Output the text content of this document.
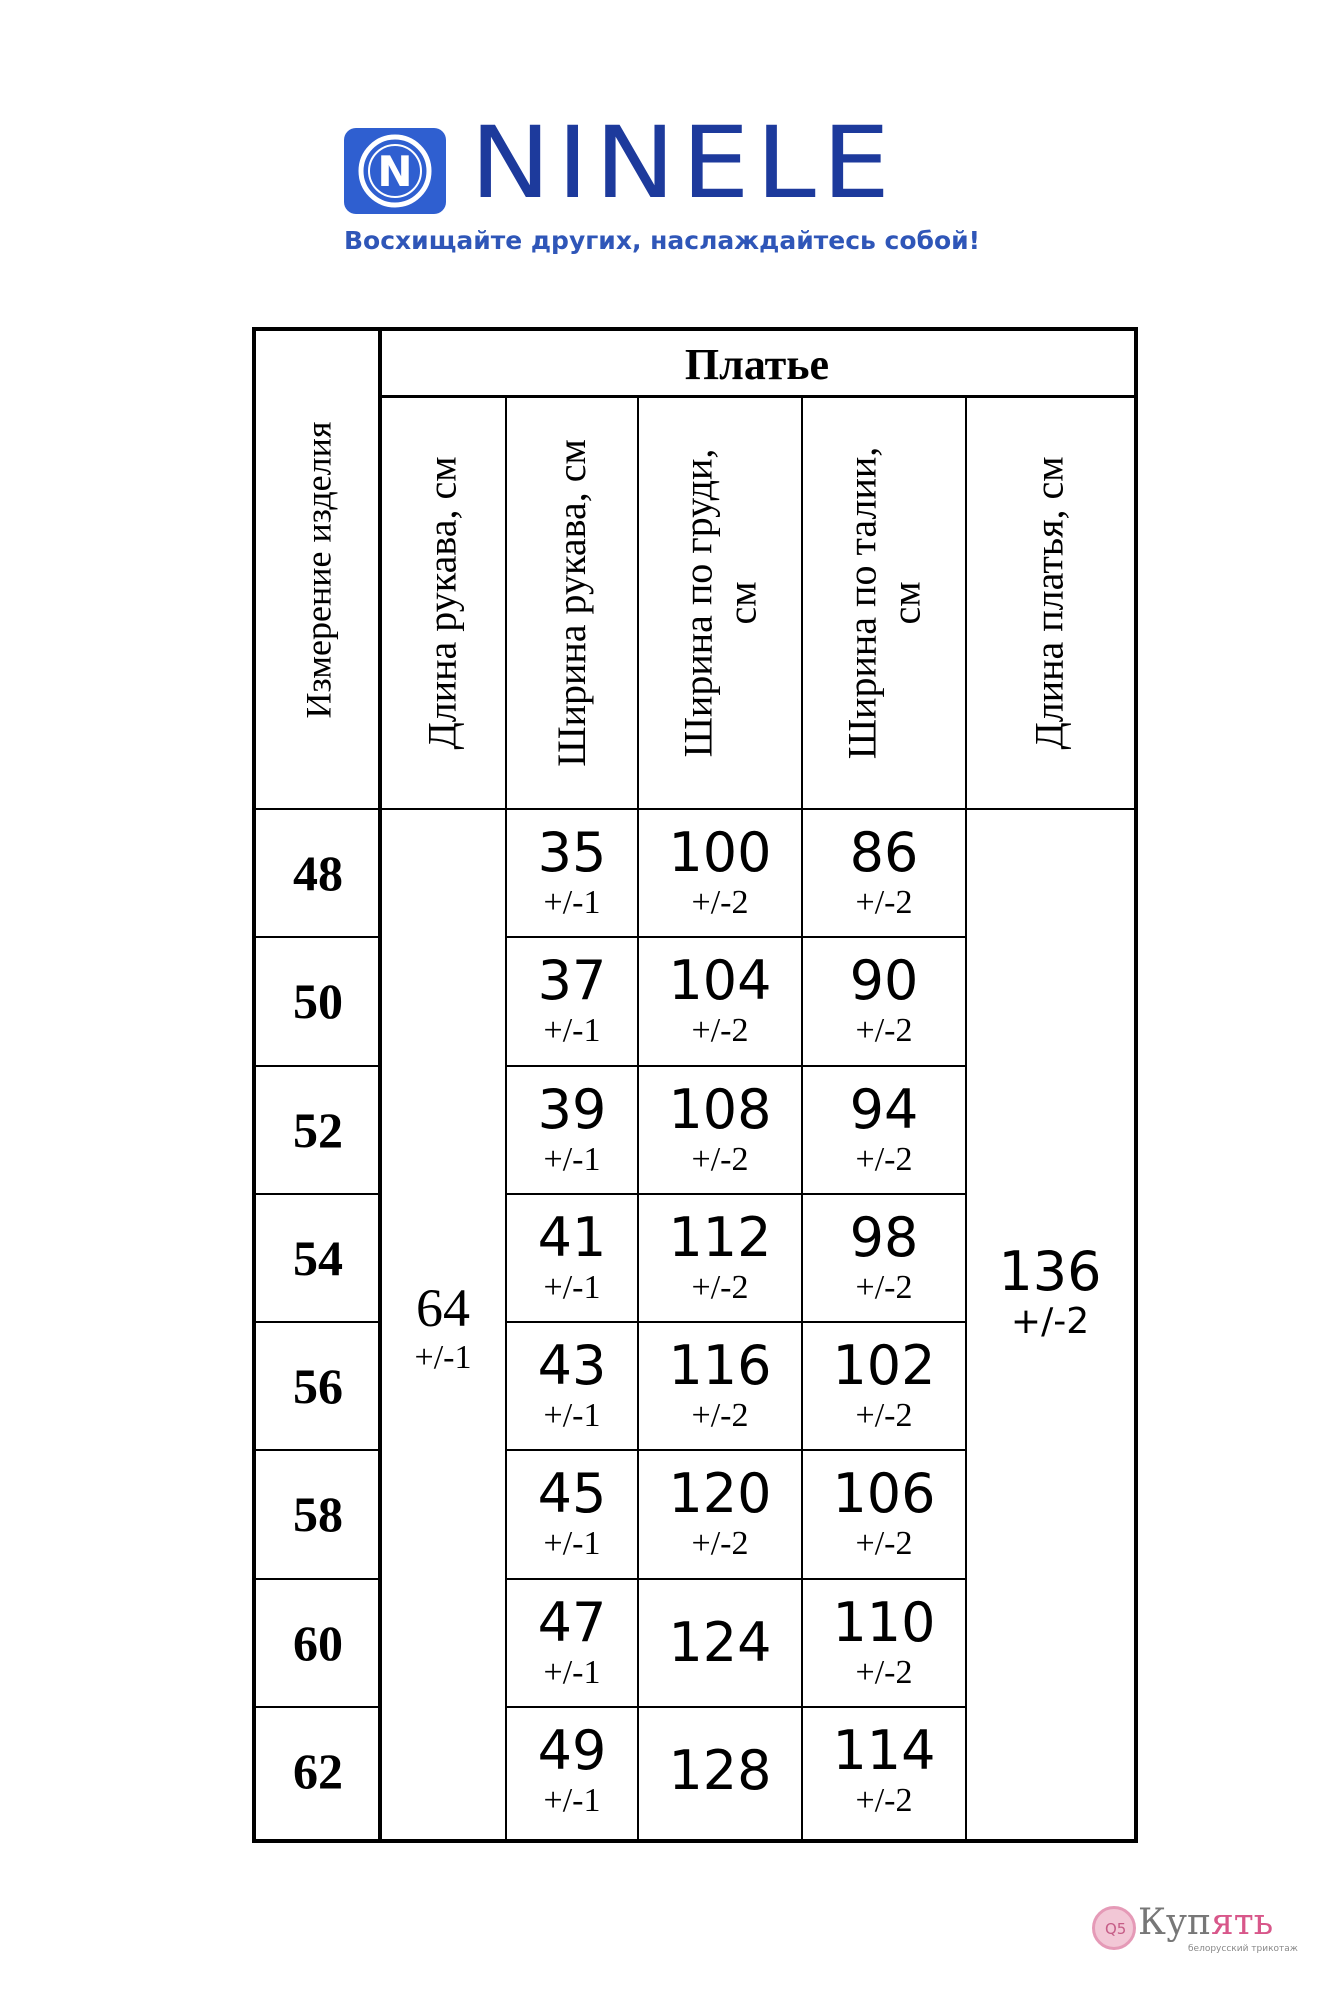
N NINELE
Восхищайте других, наслаждайтесь собой!
Измерение изделия
Платье
Длина рукава, см Ширина рукава, см Ширина по груди, см Ширина по талии, см Длина платья, см
48
50
52
54
56
58
60
62
64
+/-1
136
+/-2
35
+/-1
100
+/-2
86
+/-2
37
+/-1
104
+/-2
90
+/-2
39
+/-1
108
+/-2
94
+/-2
41
+/-1
112
+/-2
98
+/-2
43
+/-1
116
+/-2
102
+/-2
45
+/-1
120
+/-2
106
+/-2
47
+/-1 124 110
+/-2
49
+/-1 128 114
+/-2
Q5 Купять
белорусский трикотаж
